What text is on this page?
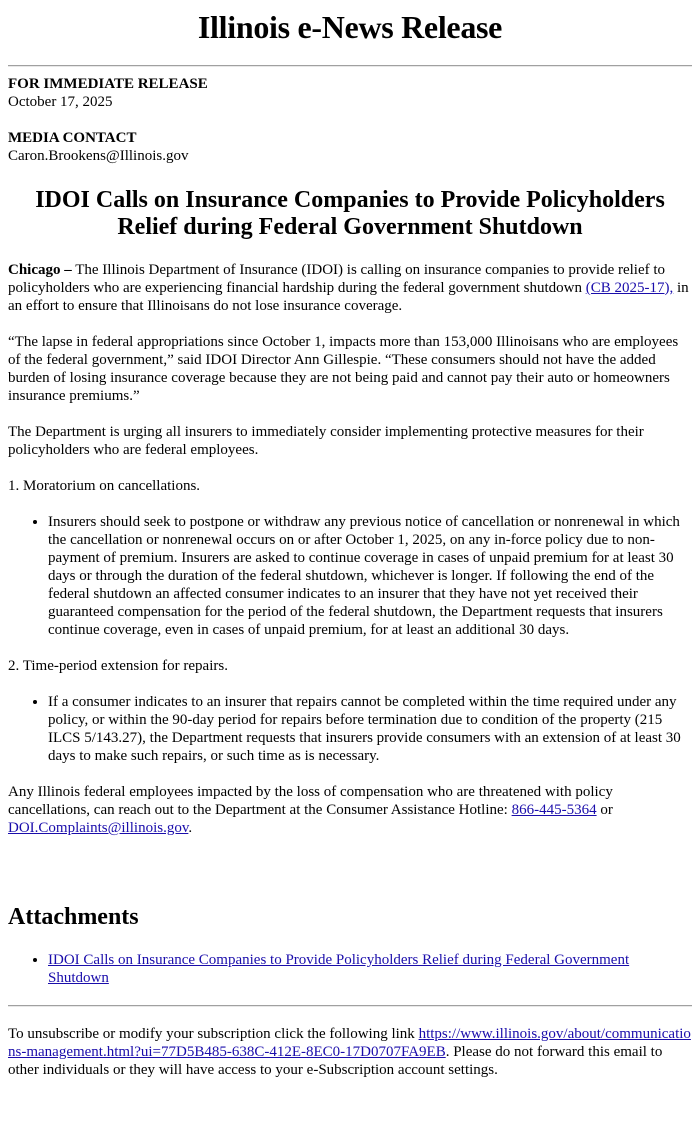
Illinois e-News Release
FOR IMMEDIATE RELEASE
October 17, 2025
MEDIA CONTACT
Caron.Brookens@Illinois.gov
IDOI Calls on Insurance Companies to Provide Policyholders Relief during Federal Government Shutdown

Chicago – The Illinois Department of Insurance (IDOI) is calling on insurance companies to provide relief to policyholders who are experiencing financial hardship during the federal government shutdown (CB 2025-17), in an effort to ensure that Illinoisans do not lose insurance coverage.

“The lapse in federal appropriations since October 1, impacts more than 153,000 Illinoisans who are employees of the federal government,” said IDOI Director Ann Gillespie. “These consumers should not have the added burden of losing insurance coverage because they are not being paid and cannot pay their auto or homeowners insurance premiums.”

The Department is urging all insurers to immediately consider implementing protective measures for their policyholders who are federal employees.

1. Moratorium on cancellations.

• Insurers should seek to postpone or withdraw any previous notice of cancellation or nonrenewal in which the cancellation or nonrenewal occurs on or after October 1, 2025, on any in-force policy due to non-payment of premium. Insurers are asked to continue coverage in cases of unpaid premium for at least 30 days or through the duration of the federal shutdown, whichever is longer. If following the end of the federal shutdown an affected consumer indicates to an insurer that they have not yet received their guaranteed compensation for the period of the federal shutdown, the Department requests that insurers continue coverage, even in cases of unpaid premium, for at least an additional 30 days.

2. Time-period extension for repairs.

• If a consumer indicates to an insurer that repairs cannot be completed within the time required under any policy, or within the 90-day period for repairs before termination due to condition of the property (215 ILCS 5/143.27), the Department requests that insurers provide consumers with an extension of at least 30 days to make such repairs, or such time as is necessary.

Any Illinois federal employees impacted by the loss of compensation who are threatened with policy cancellations, can reach out to the Department at the Consumer Assistance Hotline: 866-445-5364 or DOI.Complaints@illinois.gov.

Attachments
• IDOI Calls on Insurance Companies to Provide Policyholders Relief during Federal Government Shutdown

To unsubscribe or modify your subscription click the following link https://www.illinois.gov/about/communications-management.html?ui=77D5B485-638C-412E-8EC0-17D0707FA9EB. Please do not forward this email to other individuals or they will have access to your e-Subscription account settings.
